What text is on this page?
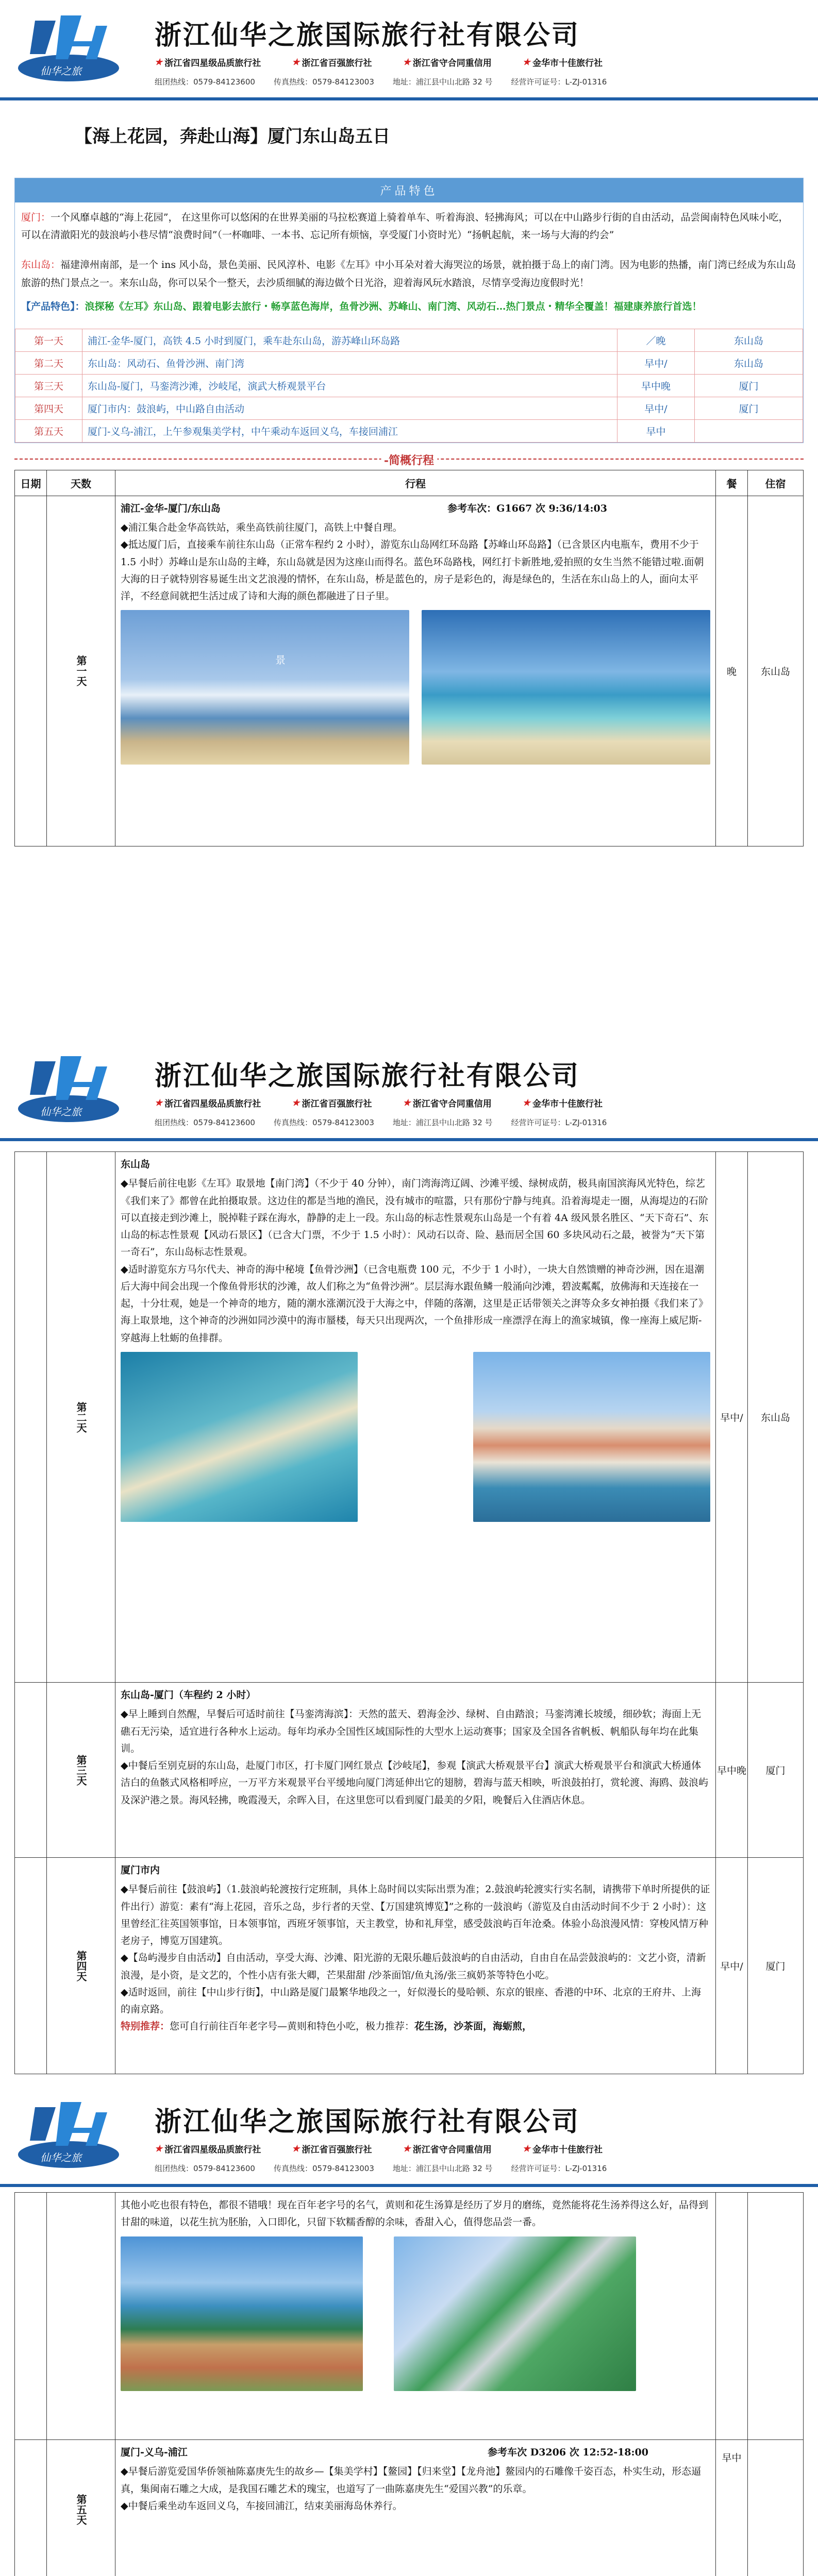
仙华之旅
浙江仙华之旅国际旅行社有限公司
★ 浙江省四星级品质旅行社	★ 浙江省百强旅行社	★ 浙江省守合同重信用	★ 金华市十佳旅行社
组团热线：0579-84123600 传真热线：0579-84123003 地址：浦江县中山北路 32 号 经营许可证号：L-ZJ-01316
【海上花园，奔赴山海】厦门东山岛五日
产品特色

厦门：一个风靡卓越的“海上花园”， 在这里你可以悠闲的在世界美丽的马拉松赛道上骑着单车、听着海浪、轻拂海风；可以在中山路步行街的自由活动，品尝闽南特色风味小吃，可以在清澈阳光的鼓浪屿小巷尽情“浪费时间”（一杯咖啡、一本书、忘记所有烦恼，享受厦门小资时光）“扬帆起航，来一场与大海的约会”

东山岛：福建漳州南部，是一个 ins 风小岛，景色美丽、民风淳朴、电影《左耳》中小耳朵对着大海哭泣的场景，就拍摄于岛上的南门湾。因为电影的热播，南门湾已经成为东山岛旅游的热门景点之一。来东山岛，你可以呆个一整天，去沙质细腻的海边做个日光浴，迎着海风玩水踏浪，尽情享受海边度假时光！

【产品特色】：浪探秘《左耳》东山岛、跟着电影去旅行・畅享蓝色海岸，鱼骨沙洲、苏峰山、南门湾、风动石…热门景点・精华全覆盖！福建康养旅行首选！

第一天	浦江-金华-厦门，高铁 4.5 小时到厦门，乘车赴东山岛，游苏峰山环岛路	／晚	东山岛
第二天	东山岛：风动石、鱼骨沙洲、南门湾	早中/	东山岛
第三天	东山岛-厦门，马銮湾沙滩，沙岐尾，演武大桥观景平台	早中晚	厦门
第四天	厦门市内：鼓浪屿，中山路自由活动	早中/	厦门
第五天	厦门-义乌-浦江，上午参观集美学村，中午乘动车返回义乌，车接回浦江	早中	
-简概行程
日期	天数	行程	餐	住宿

	第一天	浦江-金华-厦门/东山岛 参考车次：G1667 次 9:36/14:03
◆浦江集合赴金华高铁站，乘坐高铁前往厦门，高铁上中餐自理。
◆抵达厦门后，直接乘车前往东山岛（正常车程约 2 小时），游览东山岛网红环岛路【苏峰山环岛路】（已含景区内电瓶车，费用不少于 1.5 小时）苏峰山是东山岛的主峰，东山岛就是因为这座山而得名。蓝色环岛路栈，网红打卡新胜地,爱拍照的女生当然不能错过啦.面朝大海的日子就特别容易诞生出文艺浪漫的情怀，在东山岛，桥是蓝色的，房子是彩色的，海是绿色的，生活在东山岛上的人，面向太平洋，不经意间就把生活过成了诗和大海的颜色都融进了日子里。
景	晚	东山岛
仙华之旅
浙江仙华之旅国际旅行社有限公司
★ 浙江省四星级品质旅行社	★ 浙江省百强旅行社	★ 浙江省守合同重信用	★ 金华市十佳旅行社
组团热线：0579-84123600 传真热线：0579-84123003 地址：浦江县中山北路 32 号 经营许可证号：L-ZJ-01316

	第二天	东山岛
◆早餐后前往电影《左耳》取景地【南门湾】（不少于 40 分钟），南门湾海湾辽阔、沙滩平缓、绿树成荫，极具南国滨海风光特色，综艺《我们来了》都曾在此拍摄取景。这边住的都是当地的渔民，没有城市的喧嚣，只有那份宁静与纯真。沿着海堤走一圈，从海堤边的石阶可以直接走到沙滩上，脱掉鞋子踩在海水，静静的走上一段。东山岛的标志性景观东山岛是一个有着 4A 级风景名胜区、“天下奇石”、东山岛的标志性景观【风动石景区】（已含大门票，不少于 1.5 小时）：风动石以奇、险、悬而居全国 60 多块风动石之最，被誉为“天下第一奇石”，东山岛标志性景观。
◆适时游览东方马尔代夫、神奇的海中秘境【鱼骨沙洲】（已含电瓶费 100 元，不少于 1 小时），一块大自然馈赠的神奇沙洲，因在退潮后大海中间会出现一个像鱼骨形状的沙滩，故人们称之为“鱼骨沙洲”。层层海水跟鱼鳞一般涌向沙滩，碧波粼粼，放佛海和天连接在一起，十分壮观，她是一个神奇的地方，随的潮水涨潮沉没于大海之中，伴随的落潮，这里是正话带领关之湃等众多女神拍摄《我们来了》海上取景地，这个神奇的沙洲如同沙漠中的海市蜃楼，每天只出现两次，一个鱼排形成一座漂浮在海上的渔家城镇，像一座海上威尼斯-穿越海上牡蛎的鱼排群。	早中/	东山岛

	第三天	东山岛-厦门（车程约 2 小时）
◆早上睡到自然醒，早餐后可适时前往【马銮湾海滨】：天然的蓝天、碧海金沙、绿树、自由踏浪；马銮湾滩长坡缓，细砂软；海面上无礁石无污染，适宜进行各种水上运动。每年均承办全国性区域国际性的大型水上运动赛事；国家及全国各省帆板、帆船队每年均在此集训。
◆中餐后至别克厨的东山岛，赴厦门市区，打卡厦门网红景点【沙岐尾】，参观【演武大桥观景平台】演武大桥观景平台和演武大桥通体洁白的鱼骸式风格相呼应，一万平方米观景平台平缓地向厦门湾延伸出它的翅膀，碧海与蓝天相映，听浪鼓拍打，赏轮渡、海鸥、鼓浪屿及深沪港之景。海风轻拂，晚霞漫天，余晖入目，在这里您可以看到厦门最美的夕阳，晚餐后入住酒店休息。	早中晚	厦门

	第四天	厦门市内
◆早餐后前往【鼓浪屿】（1.鼓浪屿轮渡按行定班制，具体上岛时间以实际出票为准；2.鼓浪屿轮渡实行实名制，请携带下单时所提供的证件出行）游览：素有“海上花园，音乐之岛，步行者的天堂、【万国建筑博览】”之称的一鼓浪屿（游览及自由活动时间不少于 2 小时）：这里曾经汇往英国领事馆，日本领事馆，西班牙领事馆，天主教堂，协和礼拜堂，感受鼓浪屿百年沧桑。体验小岛浪漫风情：穿梭风情万种老房子，博览万国建筑。
◆【岛屿漫步自由活动】自由活动，享受大海、沙滩、阳光游的无限乐趣后鼓浪屿的自由活动，自由自在品尝鼓浪屿的：文艺小资，清新浪漫，是小资，是文艺的，个性小店有张大卿，芒果甜甜 /沙茶面馆/鱼丸汤/张三疯奶茶等特色小吃。
◆适时返回，前往【中山步行街】，中山路是厦门最繁华地段之一，好似漫长的曼哈顿、东京的银座、香港的中环、北京的王府井、上海的南京路。
特别推荐：您可自行前往百年老字号—黄则和特色小吃，极力推荐：花生汤，沙茶面，海蛎煎，	早中/	厦门
仙华之旅
浙江仙华之旅国际旅行社有限公司
★ 浙江省四星级品质旅行社	★ 浙江省百强旅行社	★ 浙江省守合同重信用	★ 金华市十佳旅行社
组团热线：0579-84123600 传真热线：0579-84123003 地址：浦江县中山北路 32 号 经营许可证号：L-ZJ-01316

		其他小吃也很有特色，都很不错哦！现在百年老字号的名气，黄则和花生汤算是经历了岁月的磨练，竟然能将花生汤养得这么好，品得到甘甜的味道，以花生抗为胚胎，入口即化，只留下软糯香醇的余味，香甜入心，值得您品尝一番。		

	第五天	厦门-义乌-浦江 参考车次 D3206 次 12:52-18:00
◆早餐后游览爱国华侨领袖陈嘉庚先生的故乡—【集美学村】【鳌园】【归来堂】【龙舟池】鳌园内的石雕像千姿百态，朴实生动，形态逼真，集闽南石雕之大成，是我国石雕艺术的瑰宝，也道写了一曲陈嘉庚先生“爱国兴教”的乐章。
◆中餐后乘坐动车返回义乌，车接回浦江，结束美丽海岛休养行。	早中	
